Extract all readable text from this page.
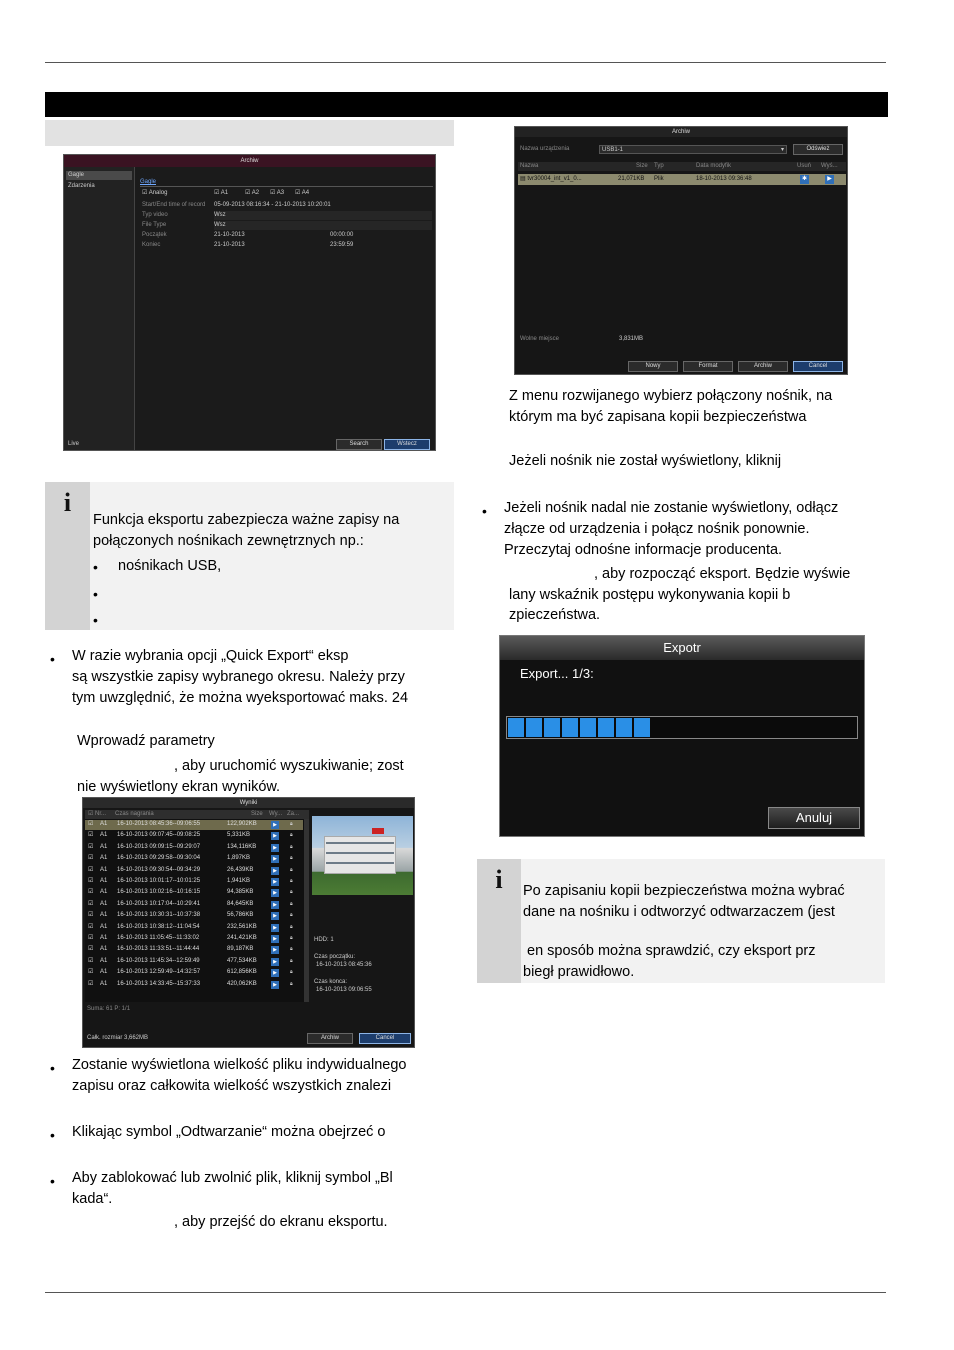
Archiw
Gagle
Zdarzenia
Live
Gagle
☑ Analog	☑ A1	☑ A2 ☑ A3 ☑ A4
Start/End time of record 05-09-2013 08:16:34 - 21-10-2013 10:20:01
Typ video	Wsz
File Type	Wsz
Początek	21-10-2013	00:00:00
Koniec	21-10-2013	23:59:59
Search	Wstecz
i
Funkcja eksportu zabezpiecza ważne zapisy na
połączonych nośnikach zewnętrznych np.:
• nośnikach USB,
•
•
• W razie wybrania opcji „Quick Export“ eksp
są wszystkie zapisy wybranego okresu. Należy przy
tym uwzględnić, że można wyeksportować maks. 24
Wprowadź parametry
, aby uruchomić wyszukiwanie; zost
nie wyświetlony ekran wyników.
Wyniki
☑ Nr... Czas nagrania	Size Wy... Za...
☑ A1 16-10-2013 08:45:36--09:06:55	122,902KB	▶	🔒︎
☑ A1 16-10-2013 09:07:45--09:08:25	5,331KB	▶	🔒︎
☑ A1 16-10-2013 09:09:15--09:29:07	134,116KB	▶	🔒︎
☑ A1 16-10-2013 09:29:58--09:30:04	1,897KB	▶	🔒︎
☑ A1 16-10-2013 09:30:54--09:34:29	26,439KB	▶	🔒︎
☑ A1 16-10-2013 10:01:17--10:01:25	1,941KB	▶	🔒︎
☑ A1 16-10-2013 10:02:16--10:16:15	94,385KB	▶	🔒︎
☑ A1 16-10-2013 10:17:04--10:29:41	84,645KB	▶	🔒︎
☑ A1 16-10-2013 10:30:31--10:37:38	56,786KB	▶	🔒︎
☑ A1 16-10-2013 10:38:12--11:04:54	232,561KB	▶	🔒︎
☑ A1 16-10-2013 11:05:45--11:33:02	241,421KB	▶	🔒︎
☑ A1 16-10-2013 11:33:51--11:44:44	89,187KB	▶	🔒︎
☑ A1 16-10-2013 11:45:34--12:59:49	477,534KB	▶	🔒︎
☑ A1 16-10-2013 12:59:49--14:32:57	612,856KB	▶	🔒︎
☑ A1 16-10-2013 14:33:45--15:37:33	420,062KB	▶	🔒︎
Suma: 61 P: 1/1
HDD: 1
Czas początku:
16-10-2013 08:45:36
Czas konca:
16-10-2013 09:06:55
Całk. rozmiar 3,662MB	Archiw	Cancel
• Zostanie wyświetlona wielkość pliku indywidualnego
zapisu oraz całkowita wielkość wszystkich znalezi
• Klikając symbol „Odtwarzanie“ można obejrzeć o
• Aby zablokować lub zwolnić plik, kliknij symbol „Bl
kada“.
, aby przejść do ekranu eksportu.
Archiw
Nazwa urządzenia	USB1-1	▾	Odśwież
Nazwa	Size Typ	Data modyfik	Usuń Wyś...
▤ tvr30004_int_v1_0...	21,071KB Plik	18-10-2013 09:36:48	✱	▶
Wolne miejsce	3,831MB
Nowy	Format	Archiw	Cancel
Z menu rozwijanego wybierz połączony nośnik, na
którym ma być zapisana kopii bezpieczeństwa
Jeżeli nośnik nie został wyświetlony, kliknij
• Jeżeli nośnik nadal nie zostanie wyświetlony, odłącz
złącze od urządzenia i połącz nośnik ponownie.
Przeczytaj odnośne informacje producenta.
, aby rozpocząć eksport. Będzie wyświe
lany wskaźnik postępu wykonywania kopii b
zpieczeństwa.
Expotr
Export... 1/3:
Anuluj
i	Po zapisaniu kopii bezpieczeństwa można wybrać
dane na nośniku i odtworzyć odtwarzaczem (jest
en sposób można sprawdzić, czy eksport prz
biegł prawidłowo.
